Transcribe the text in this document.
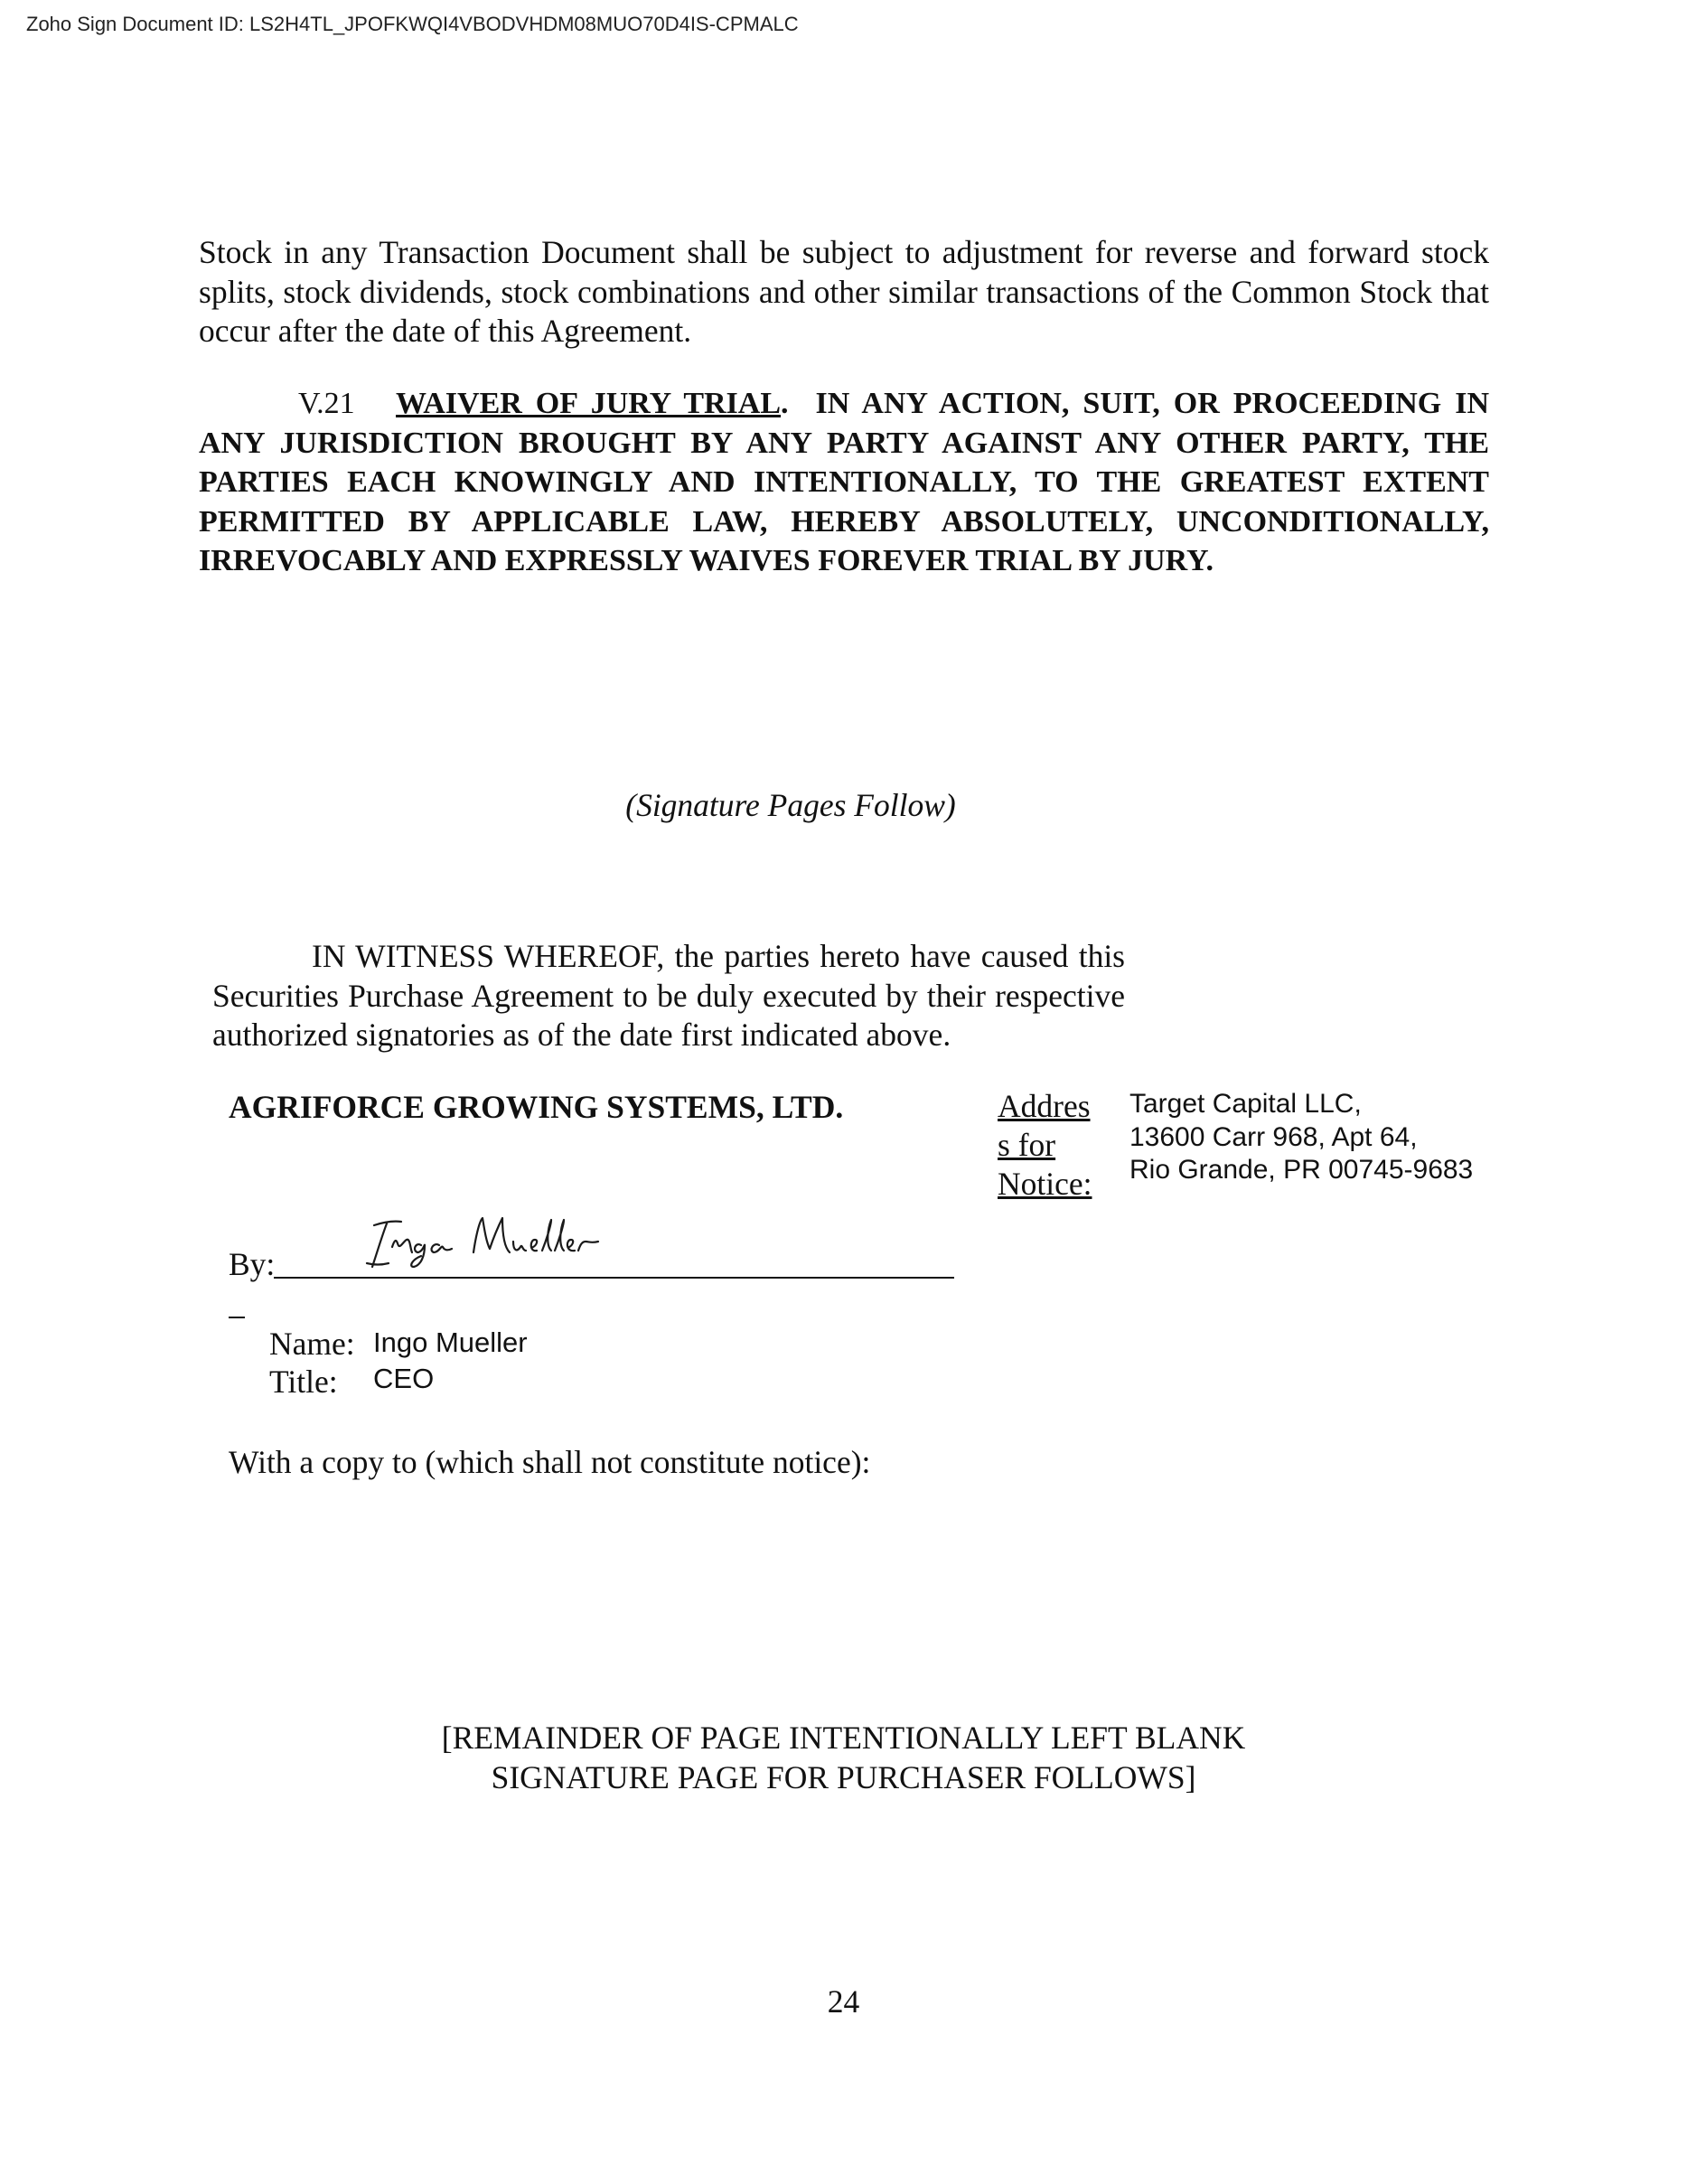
Zoho Sign Document ID: LS2H4TL_JPOFKWQI4VBODVHDM08MUO70D4IS-CPMALC

Stock in any Transaction Document shall be subject to adjustment for reverse and forward stock splits, stock dividends, stock combinations and other similar transactions of the Common Stock that occur after the date of this Agreement.

V.21 WAIVER OF JURY TRIAL. IN ANY ACTION, SUIT, OR PROCEEDING IN ANY JURISDICTION BROUGHT BY ANY PARTY AGAINST ANY OTHER PARTY, THE PARTIES EACH KNOWINGLY AND INTENTIONALLY, TO THE GREATEST EXTENT PERMITTED BY APPLICABLE LAW, HEREBY ABSOLUTELY, UNCONDITIONALLY, IRREVOCABLY AND EXPRESSLY WAIVES FOREVER TRIAL BY JURY.

(Signature Pages Follow)

IN WITNESS WHEREOF, the parties hereto have caused this Securities Purchase Agreement to be duly executed by their respective authorized signatories as of the date first indicated above.

AGRIFORCE GROWING SYSTEMS, LTD.	Addres
s for
Notice:
Target Capital LLC,
13600 Carr 968, Apt 64,
Rio Grande, PR 00745-9683
By:
Name: Ingo Mueller
Title: CEO
With a copy to (which shall not constitute notice):
[REMAINDER OF PAGE INTENTIONALLY LEFT BLANK
SIGNATURE PAGE FOR PURCHASER FOLLOWS]
24
